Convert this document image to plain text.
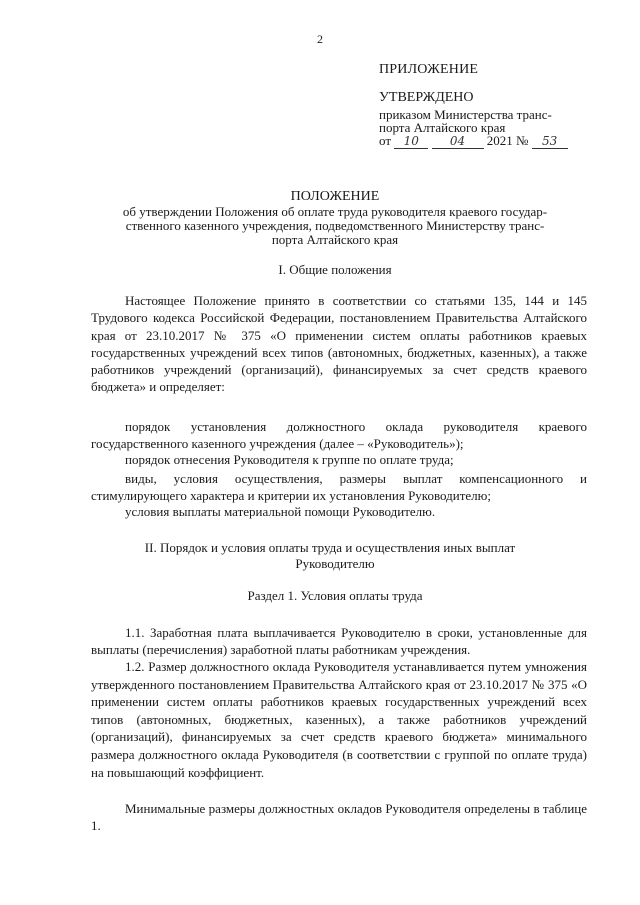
2
ПРИЛОЖЕНИЕ
УТВЕРЖДЕНО
приказом Министерства транс-
порта Алтайского края
от 10	04 2021 № 53
ПОЛОЖЕНИЕ
об утверждении Положения об оплате труда руководителя краевого государ-
ственного казенного учреждения, подведомственного Министерству транс-
порта Алтайского края
I. Общие положения
Настоящее Положение принято в соответствии со статьями 135, 144 и 145 Трудового кодекса Российской Федерации, постановлением Правительства Алтайского края от 23.10.2017 № 375 «О применении систем оплаты работников краевых государственных учреждений всех типов (автономных, бюджетных, казенных), а также работников учреждений (организаций), финансируемых за счет средств краевого бюджета» и определяет:
порядок установления должностного оклада руководителя краевого государственного казенного учреждения (далее – «Руководитель»);
порядок отнесения Руководителя к группе по оплате труда;
виды, условия осуществления, размеры выплат компенсационного и стимулирующего характера и критерии их установления Руководителю;
условия выплаты материальной помощи Руководителю.
II. Порядок и условия оплаты труда и осуществления иных выплат
Руководителю
Раздел 1. Условия оплаты труда
1.1. Заработная плата выплачивается Руководителю в сроки, установленные для выплаты (перечисления) заработной платы работникам учреждения.
1.2. Размер должностного оклада Руководителя устанавливается путем умножения утвержденного постановлением Правительства Алтайского края от 23.10.2017 № 375 «О применении систем оплаты работников краевых государственных учреждений всех типов (автономных, бюджетных, казенных), а также работников учреждений (организаций), финансируемых за счет средств краевого бюджета» минимального размера должностного оклада Руководителя (в соответствии с группой по оплате труда) на повышающий коэффициент.
Минимальные размеры должностных окладов Руководителя определены в таблице 1.
